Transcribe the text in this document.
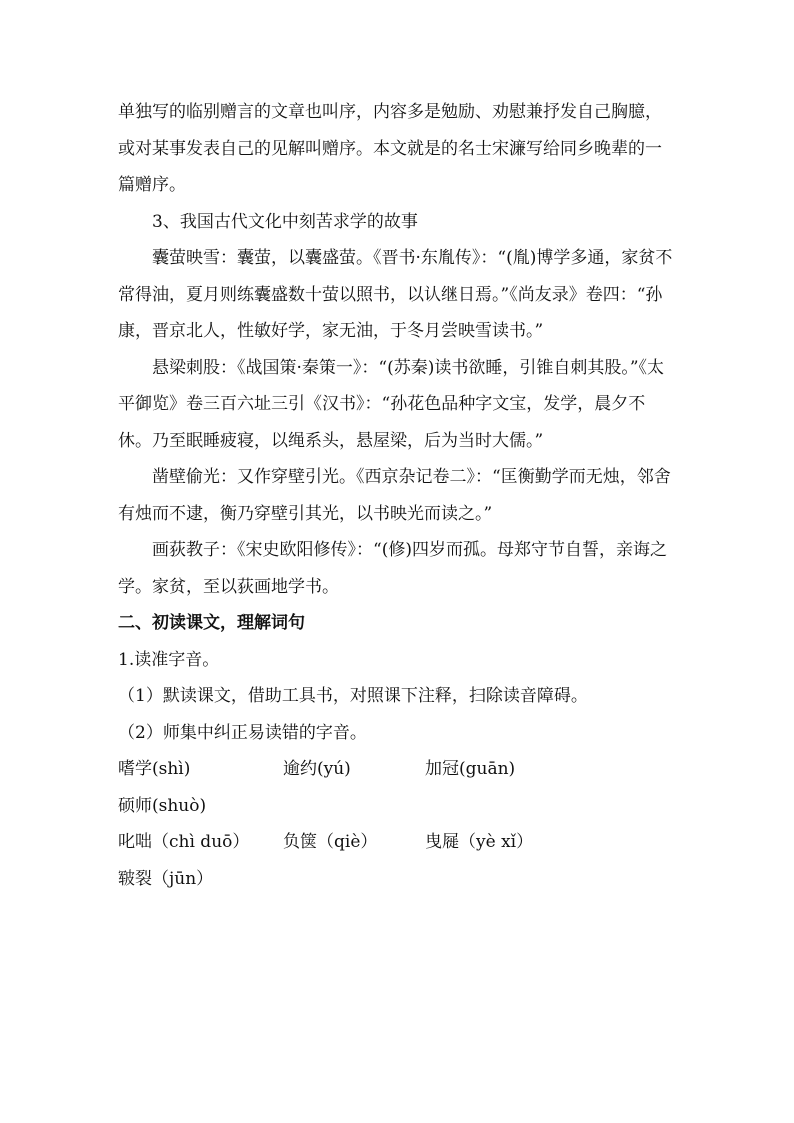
单独写的临别赠言的文章也叫序，内容多是勉励、劝慰兼抒发自己胸臆，或对某事发表自己的见解叫赠序。本文就是的名士宋濂写给同乡晚辈的一篇赠序。

3、我国古代文化中刻苦求学的故事

囊萤映雪：囊萤，以囊盛萤。《晋书·东胤传》：“(胤)博学多通，家贫不常得油，夏月则练囊盛数十萤以照书，以认继日焉。”《尚友录》卷四：“孙康，晋京北人，性敏好学，家无油，于冬月尝映雪读书。”

悬梁刺股：《战国策·秦策一》：“(苏秦)读书欲睡，引锥自刺其股。”《太平御览》卷三百六址三引《汉书》：“孙花色品种字文宝，发学，晨夕不休。乃至眠睡疲寝，以绳系头，悬屋梁，后为当时大儒。”

凿壁偷光：又作穿壁引光。《西京杂记卷二》：“匡衡勤学而无烛，邻舍有烛而不逮，衡乃穿壁引其光，以书映光而读之。”

画荻教子：《宋史欧阳修传》：“(修)四岁而孤。母郑守节自誓，亲诲之学。家贫，至以荻画地学书。

二、初读课文，理解词句

1.读准字音。

（1）默读课文，借助工具书，对照课下注释，扫除读音障碍。

（2）师集中纠正易读错的字音。

嗜学(shì)	逾约(yú)	加冠(guān)
硕师(shuò)
叱咄（chì duō）	负箧（qiè）	曳屣（yè xǐ）
皲裂（jūn）
